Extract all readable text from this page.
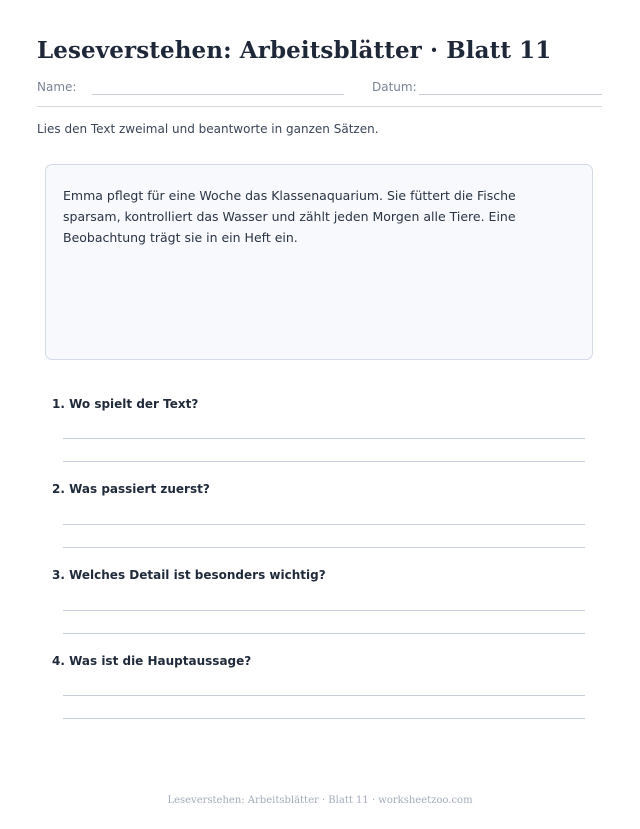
Leseverstehen: Arbeitsblätter · Blatt 11
Name:	Datum:

Lies den Text zweimal und beantworte in ganzen Sätzen.

Emma pflegt für eine Woche das Klassenaquarium. Sie füttert die Fische sparsam, kontrolliert das Wasser und zählt jeden Morgen alle Tiere. Eine Beobachtung trägt sie in ein Heft ein.

1. Wo spielt der Text?

2. Was passiert zuerst?

3. Welches Detail ist besonders wichtig?

4. Was ist die Hauptaussage?

Leseverstehen: Arbeitsblätter · Blatt 11 · worksheetzoo.com
